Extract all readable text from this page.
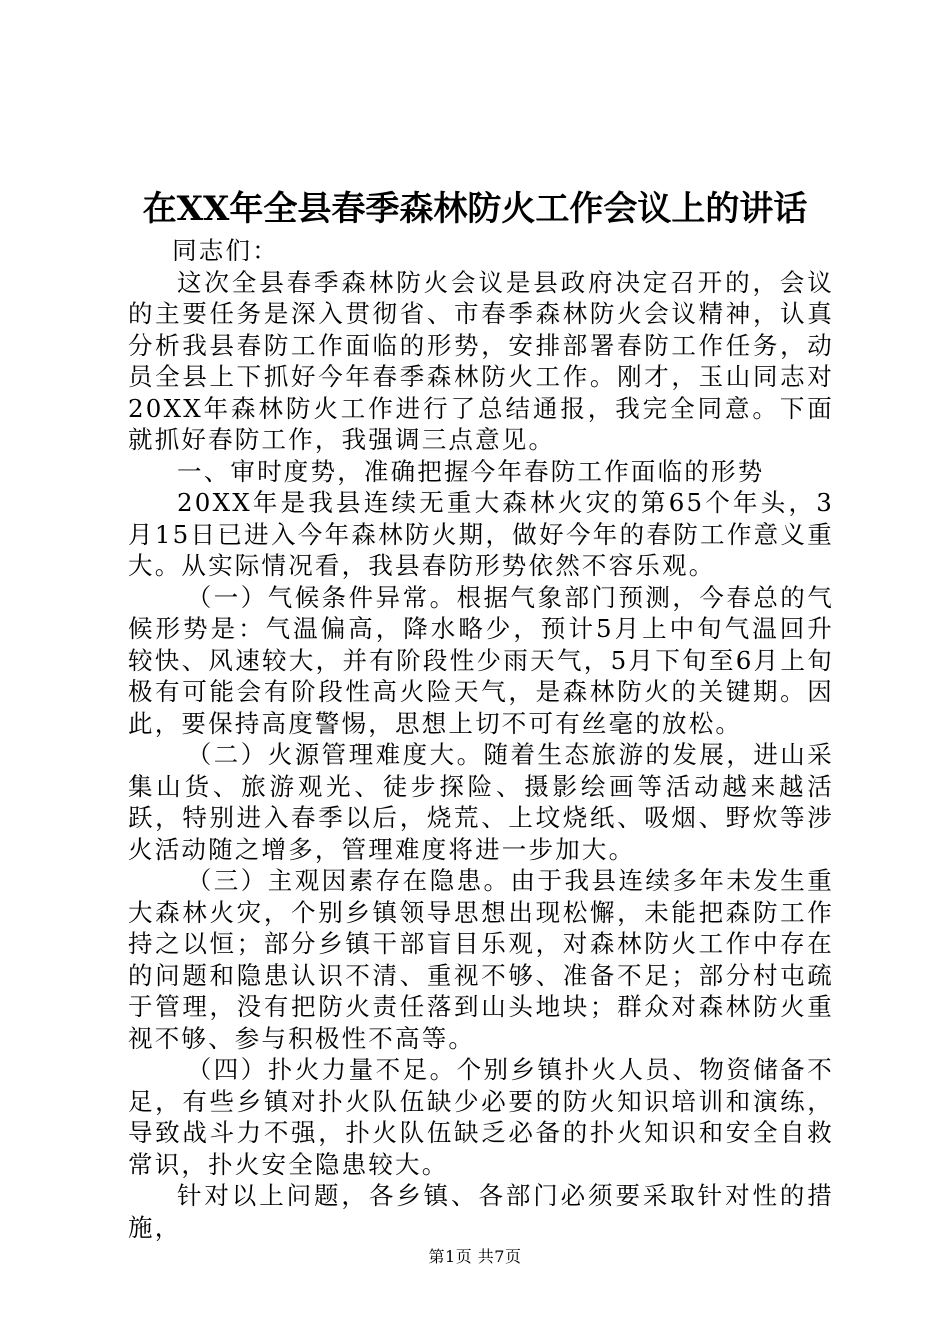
在XX年全县春季森林防火工作会议上的讲话

同志们：

这次全县春季森林防火会议是县政府决定召开的，会议的主要任务是深入贯彻省、市春季森林防火会议精神，认真分析我县春防工作面临的形势，安排部署春防工作任务，动员全县上下抓好今年春季森林防火工作。刚才，玉山同志对20XX年森林防火工作进行了总结通报，我完全同意。下面就抓好春防工作，我强调三点意见。

一、审时度势，准确把握今年春防工作面临的形势

20XX年是我县连续无重大森林火灾的第65个年头，3月15日已进入今年森林防火期，做好今年的春防工作意义重大。从实际情况看，我县春防形势依然不容乐观。

（一）气候条件异常。根据气象部门预测，今春总的气候形势是：气温偏高，降水略少，预计5月上中旬气温回升较快、风速较大，并有阶段性少雨天气，5月下旬至6月上旬极有可能会有阶段性高火险天气，是森林防火的关键期。因此，要保持高度警惕，思想上切不可有丝毫的放松。

（二）火源管理难度大。随着生态旅游的发展，进山采集山货、旅游观光、徒步探险、摄影绘画等活动越来越活跃，特别进入春季以后，烧荒、上坟烧纸、吸烟、野炊等涉火活动随之增多，管理难度将进一步加大。

（三）主观因素存在隐患。由于我县连续多年未发生重大森林火灾，个别乡镇领导思想出现松懈，未能把森防工作持之以恒；部分乡镇干部盲目乐观，对森林防火工作中存在的问题和隐患认识不清、重视不够、准备不足；部分村屯疏于管理，没有把防火责任落到山头地块；群众对森林防火重视不够、参与积极性不高等。

（四）扑火力量不足。个别乡镇扑火人员、物资储备不足，有些乡镇对扑火队伍缺少必要的防火知识培训和演练，导致战斗力不强，扑火队伍缺乏必备的扑火知识和安全自救常识，扑火安全隐患较大。

针对以上问题，各乡镇、各部门必须要采取针对性的措施，

第1页 共7页
